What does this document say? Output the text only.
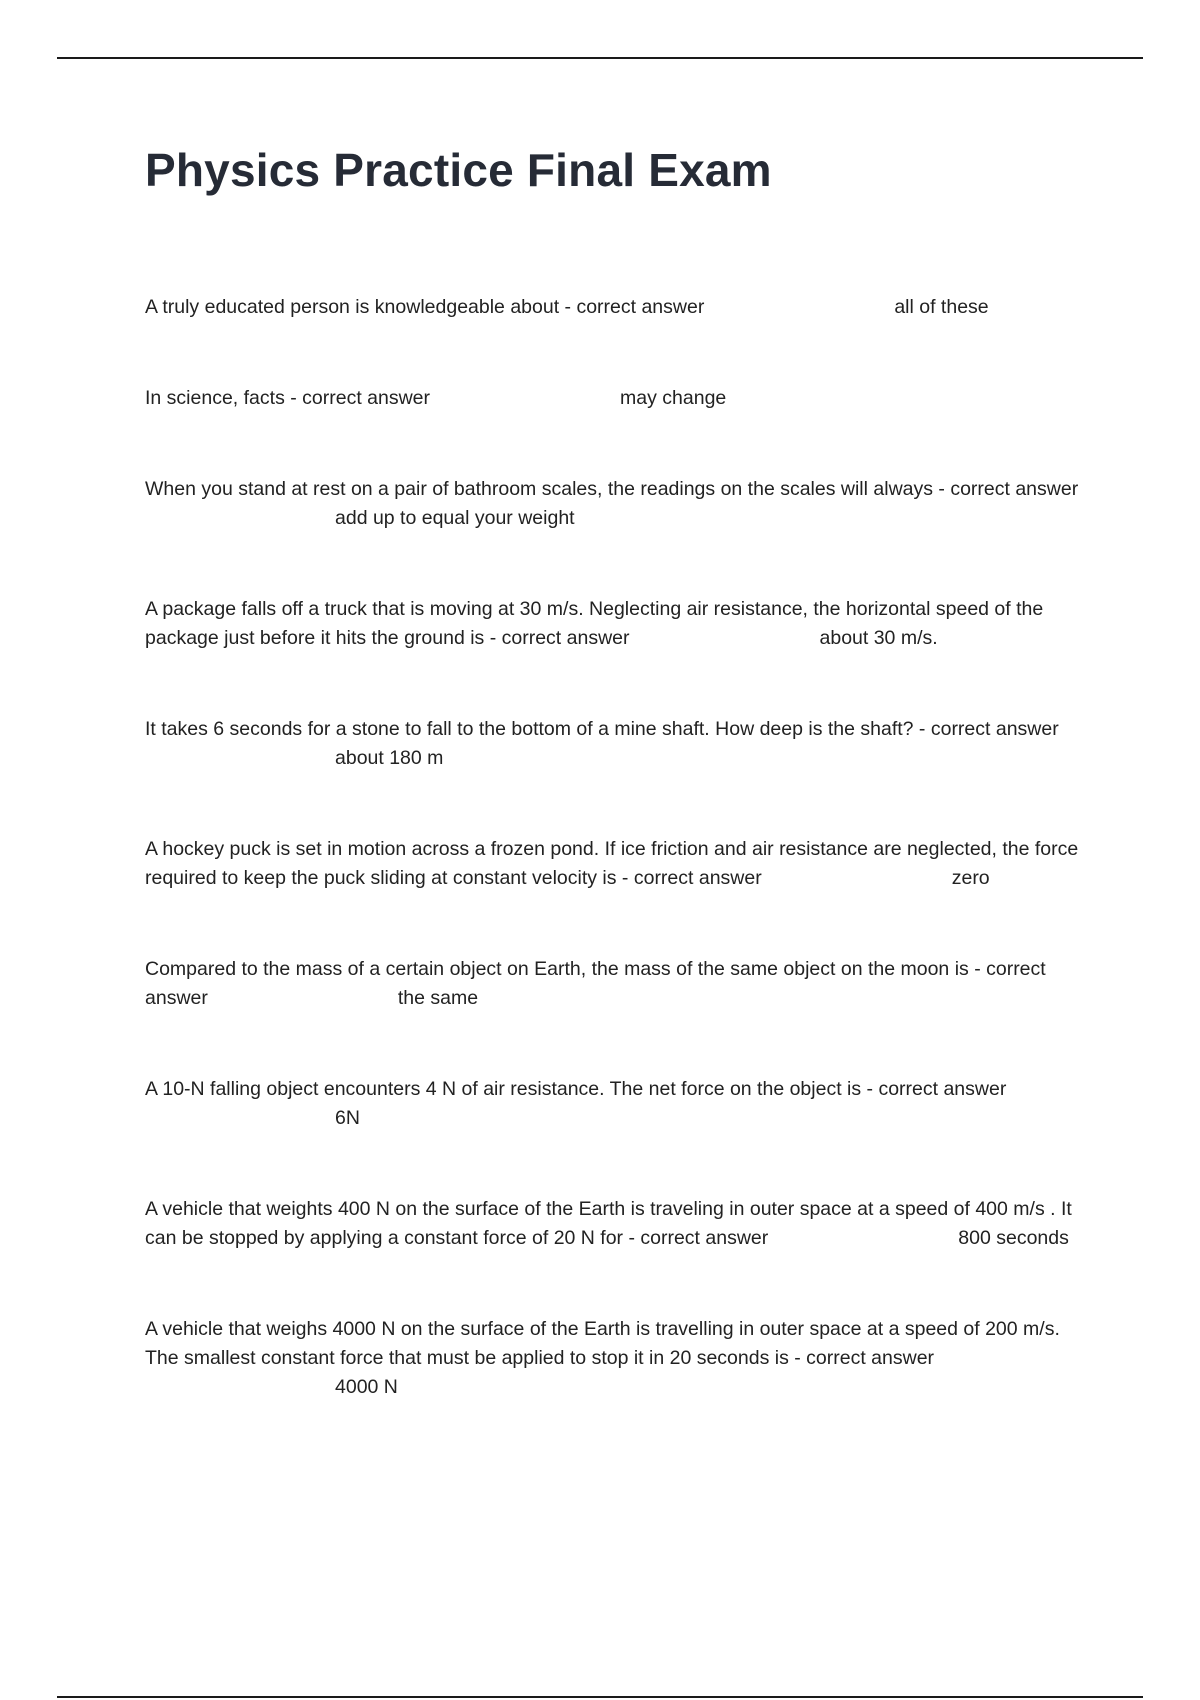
Physics Practice Final Exam

A truly educated person is knowledgeable about - correct answer	all of these

In science, facts - correct answer	may change

When you stand at rest on a pair of bathroom scales, the readings on the scales will always - correct answeradd up to equal your weight

A package falls off a truck that is moving at 30 m/s. Neglecting air resistance, the horizontal speed of the package just before it hits the ground is - correct answer	about 30 m/s.

It takes 6 seconds for a stone to fall to the bottom of a mine shaft. How deep is the shaft? - correct answerabout 180 m

A hockey puck is set in motion across a frozen pond. If ice friction and air resistance are neglected, the force required to keep the puck sliding at constant velocity is - correct answer	zero

Compared to the mass of a certain object on Earth, the mass of the same object on the moon is - correct answer	the same

A 10-N falling object encounters 4 N of air resistance. The net force on the object is - correct answer6N

A vehicle that weights 400 N on the surface of the Earth is traveling in outer space at a speed of 400 m/s . It can be stopped by applying a constant force of 20 N for - correct answer	800 seconds

A vehicle that weighs 4000 N on the surface of the Earth is travelling in outer space at a speed of 200 m/s. The smallest constant force that must be applied to stop it in 20 seconds is - correct answer4000 N
